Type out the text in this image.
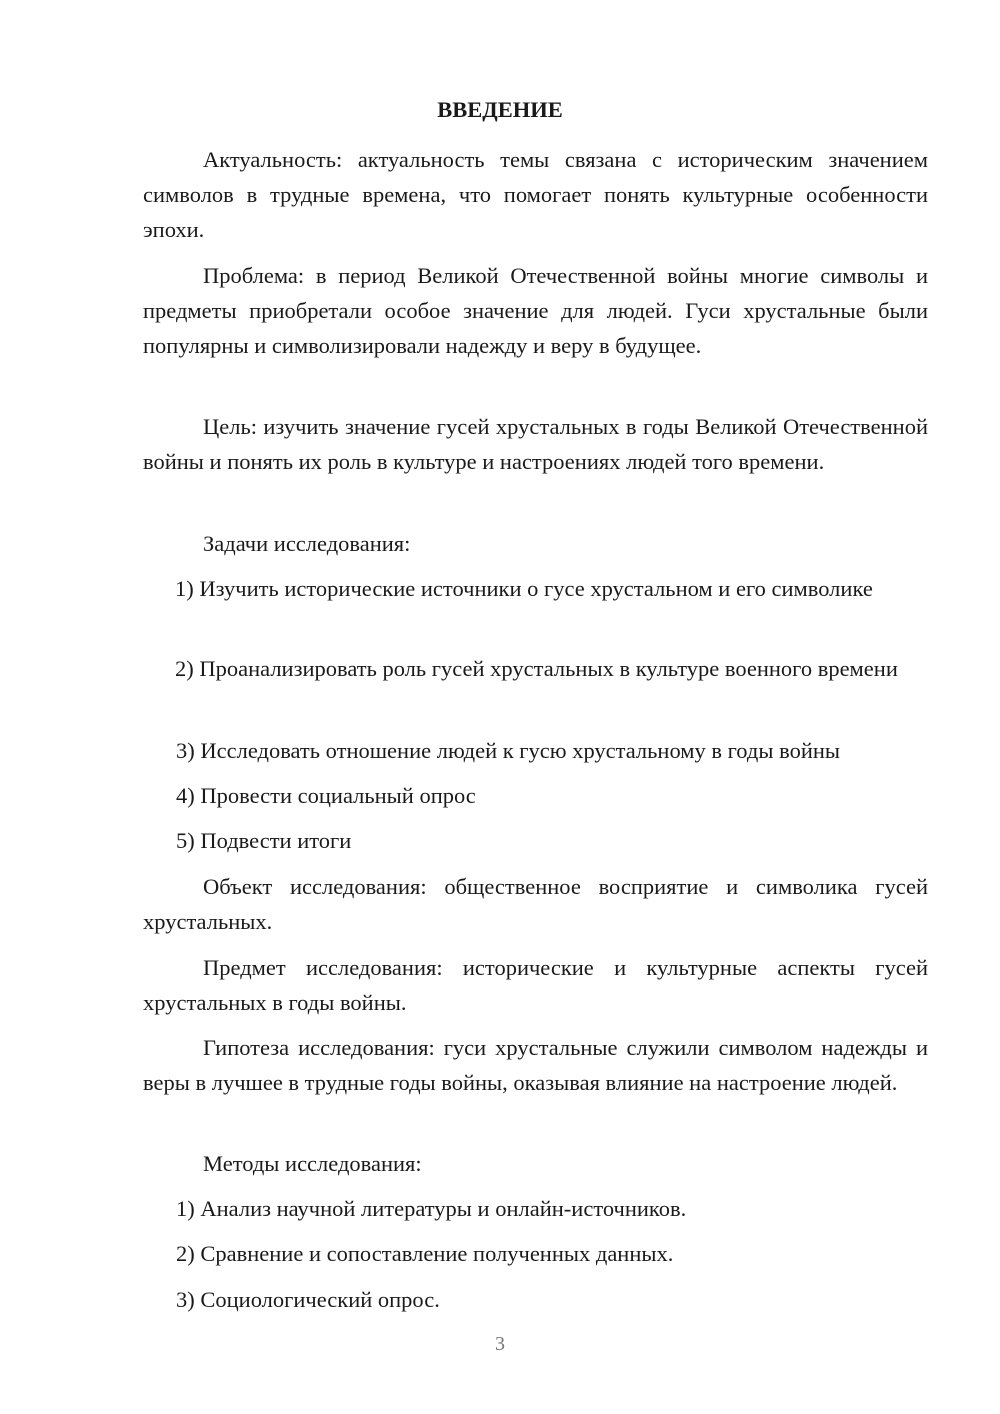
ВВЕДЕНИЕ

Актуальность: актуальность темы связана с историческим значением символов в трудные времена, что помогает понять культурные особенности эпохи.

Проблема: в период Великой Отечественной войны многие символы и предметы приобретали особое значение для людей. Гуси хрустальные были популярны и символизировали надежду и веру в будущее.

Цель: изучить значение гусей хрустальных в годы Великой Отечественной войны и понять их роль в культуре и настроениях людей того времени.

Задачи исследования:

1) Изучить исторические источники о гусе хрустальном и его символике

2) Проанализировать роль гусей хрустальных в культуре военного времени

3) Исследовать отношение людей к гусю хрустальному в годы войны

4) Провести социальный опрос

5) Подвести итоги

Объект исследования: общественное восприятие и символика гусей хрустальных.

Предмет исследования: исторические и культурные аспекты гусей хрустальных в годы войны.

Гипотеза исследования: гуси хрустальные служили символом надежды и веры в лучшее в трудные годы войны, оказывая влияние на настроение людей.

Методы исследования:

1) Анализ научной литературы и онлайн-источников.

2) Сравнение и сопоставление полученных данных.

3) Социологический опрос.

3
